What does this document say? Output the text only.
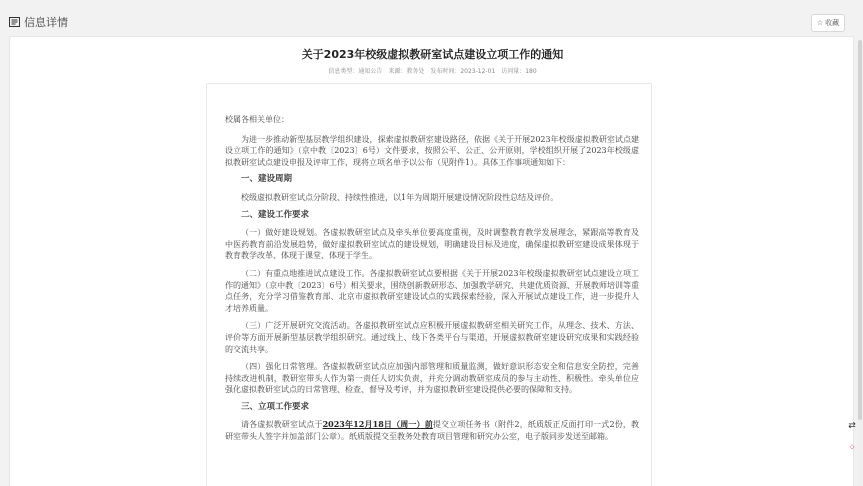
信息详情	☆ 收藏
关于2023年校级虚拟教研室试点建设立项工作的通知
信息类型：通知公告 来源：教务处 发布时间：2023-12-01 访问量：180

校属各相关单位：

为进一步推动新型基层教学组织建设，探索虚拟教研室建设路径，依据《关于开展2023年校级虚拟教研室试点建设立项工作的通知》（京中教〔2023〕6号）文件要求，按照公平、公正、公开原则，学校组织开展了2023年校级虚拟教研室试点建设申报及评审工作，现将立项名单予以公布（见附件1）。具体工作事项通知如下：

一、建设周期

校级虚拟教研室试点分阶段、持续性推进，以1年为周期开展建设情况阶段性总结及评价。

二、建设工作要求

（一）做好建设规划。各虚拟教研室试点及牵头单位要高度重视，及时调整教育教学发展理念，紧跟高等教育及中医药教育前沿发展趋势，做好虚拟教研室试点的建设规划，明确建设目标及进度，确保虚拟教研室建设成果体现于教育教学改革、体现于课堂、体现于学生。

（二）有重点地推进试点建设工作。各虚拟教研室试点要根据《关于开展2023年校级虚拟教研室试点建设立项工作的通知》（京中教〔2023〕6号）相关要求，围绕创新教研形态、加强教学研究、共建优质资源、开展教师培训等重点任务，充分学习借鉴教育部、北京市虚拟教研室建设试点的实践探索经验，深入开展试点建设工作，进一步提升人才培养质量。

（三）广泛开展研究交流活动。各虚拟教研室试点应积极开展虚拟教研室相关研究工作，从理念、技术、方法、评价等方面开展新型基层教学组织研究。通过线上、线下各类平台与渠道，开展虚拟教研室建设研究成果和实践经验的交流共享。

（四）强化日常管理。各虚拟教研室试点应加强内部管理和质量监测，做好意识形态安全和信息安全防控，完善持续改进机制，教研室带头人作为第一责任人切实负责，并充分调动教研室成员的参与主动性、积极性。牵头单位应强化虚拟教研室试点的日常管理、检查、督导及考评，并为虚拟教研室建设提供必要的保障和支持。

三、立项工作要求

请各虚拟教研室试点于2023年12月18日（周一）前提交立项任务书（附件2，纸质版正反面打印一式2份，教研室带头人签字并加盖部门公章）。纸质版提交至教务处教育项目管理和研究办公室，电子版同步发送至邮箱。

⇄
⁘
